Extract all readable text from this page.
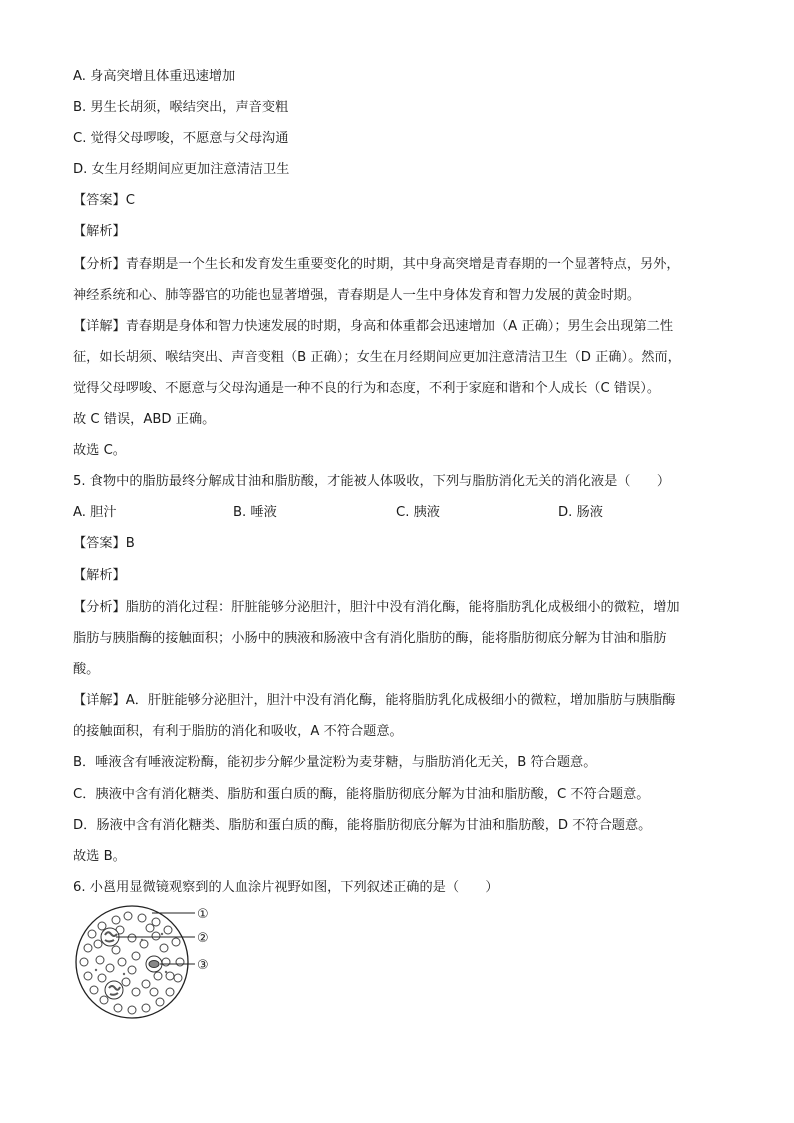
A. 身高突增且体重迅速增加
B. 男生长胡须，喉结突出，声音变粗
C. 觉得父母啰唆，不愿意与父母沟通
D. 女生月经期间应更加注意清洁卫生
【答案】C
【解析】
【分析】青春期是一个生长和发育发生重要变化的时期，其中身高突增是青春期的一个显著特点，另外，
神经系统和心、肺等器官的功能也显著增强，青春期是人一生中身体发育和智力发展的黄金时期。
【详解】青春期是身体和智力快速发展的时期，身高和体重都会迅速增加（A 正确）；男生会出现第二性
征，如长胡须、喉结突出、声音变粗（B 正确）；女生在月经期间应更加注意清洁卫生（D 正确）。然而，
觉得父母啰唆、不愿意与父母沟通是一种不良的行为和态度，不利于家庭和谐和个人成长（C 错误）。
故 C 错误，ABD 正确。
故选 C。
5. 食物中的脂肪最终分解成甘油和脂肪酸，才能被人体吸收，下列与脂肪消化无关的消化液是（　　）
A. 胆汁	B. 唾液	C. 胰液	D. 肠液
【答案】B
【解析】
【分析】脂肪的消化过程：肝脏能够分泌胆汁，胆汁中没有消化酶，能将脂肪乳化成极细小的微粒，增加
脂肪与胰脂酶的接触面积；小肠中的胰液和肠液中含有消化脂肪的酶，能将脂肪彻底分解为甘油和脂肪
酸。
【详解】A．肝脏能够分泌胆汁，胆汁中没有消化酶，能将脂肪乳化成极细小的微粒，增加脂肪与胰脂酶
的接触面积，有利于脂肪的消化和吸收，A 不符合题意。
B．唾液含有唾液淀粉酶，能初步分解少量淀粉为麦芽糖，与脂肪消化无关，B 符合题意。
C．胰液中含有消化糖类、脂肪和蛋白质的酶，能将脂肪彻底分解为甘油和脂肪酸，C 不符合题意。
D．肠液中含有消化糖类、脂肪和蛋白质的酶，能将脂肪彻底分解为甘油和脂肪酸，D 不符合题意。
故选 B。
6. 小邕用显微镜观察到的人血涂片视野如图，下列叙述正确的是（　　）
①
②
③
